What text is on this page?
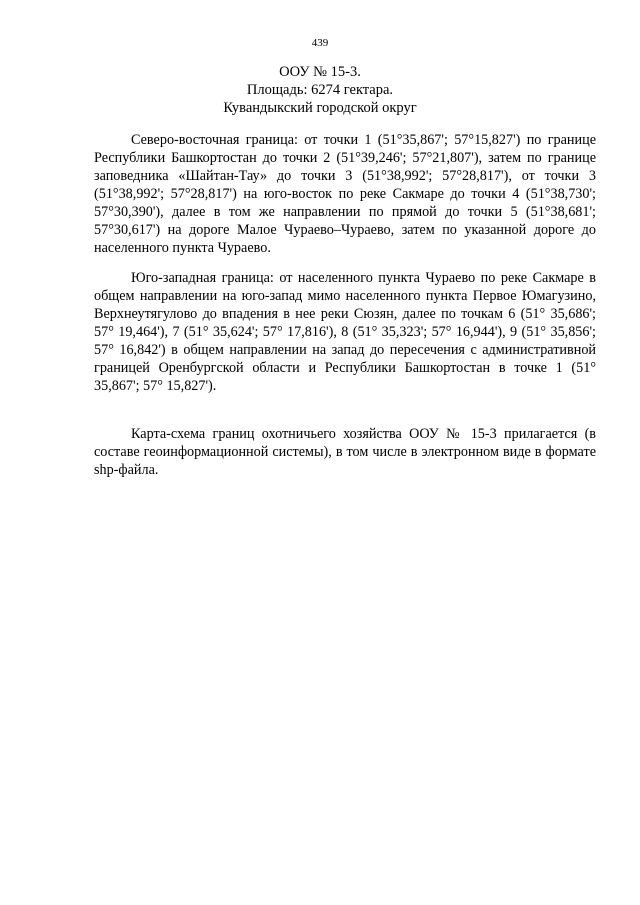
439
ООУ № 15-3.
Площадь: 6274 гектара.
Кувандыкский городской округ

Северо-восточная граница: от точки 1 (51°35,867'; 57°15,827') по границе Республики Башкортостан до точки 2 (51°39,246'; 57°21,807'), затем по границе заповедника «Шайтан-Тау» до точки 3 (51°38,992'; 57°28,817'), от точки 3 (51°38,992'; 57°28,817') на юго-восток по реке Сакмаре до точки 4 (51°38,730'; 57°30,390'), далее в том же направлении по прямой до точки 5 (51°38,681'; 57°30,617') на дороге Малое Чураево–Чураево, затем по указанной дороге до населенного пункта Чураево.

Юго-западная граница: от населенного пункта Чураево по реке Сакмаре в общем направлении на юго-запад мимо населенного пункта Первое Юмагузино, Верхнеутягулово до впадения в нее реки Сюзян, далее по точкам 6 (51° 35,686'; 57° 19,464'), 7 (51° 35,624'; 57° 17,816'), 8 (51° 35,323'; 57° 16,944'), 9 (51° 35,856'; 57° 16,842') в общем направлении на запад до пересечения с административной границей Оренбургской области и Республики Башкортостан в точке 1 (51° 35,867'; 57° 15,827').

Карта-схема границ охотничьего хозяйства ООУ № 15-3 прилагается (в составе геоинформационной системы), в том числе в электронном виде в формате shp-файла.
